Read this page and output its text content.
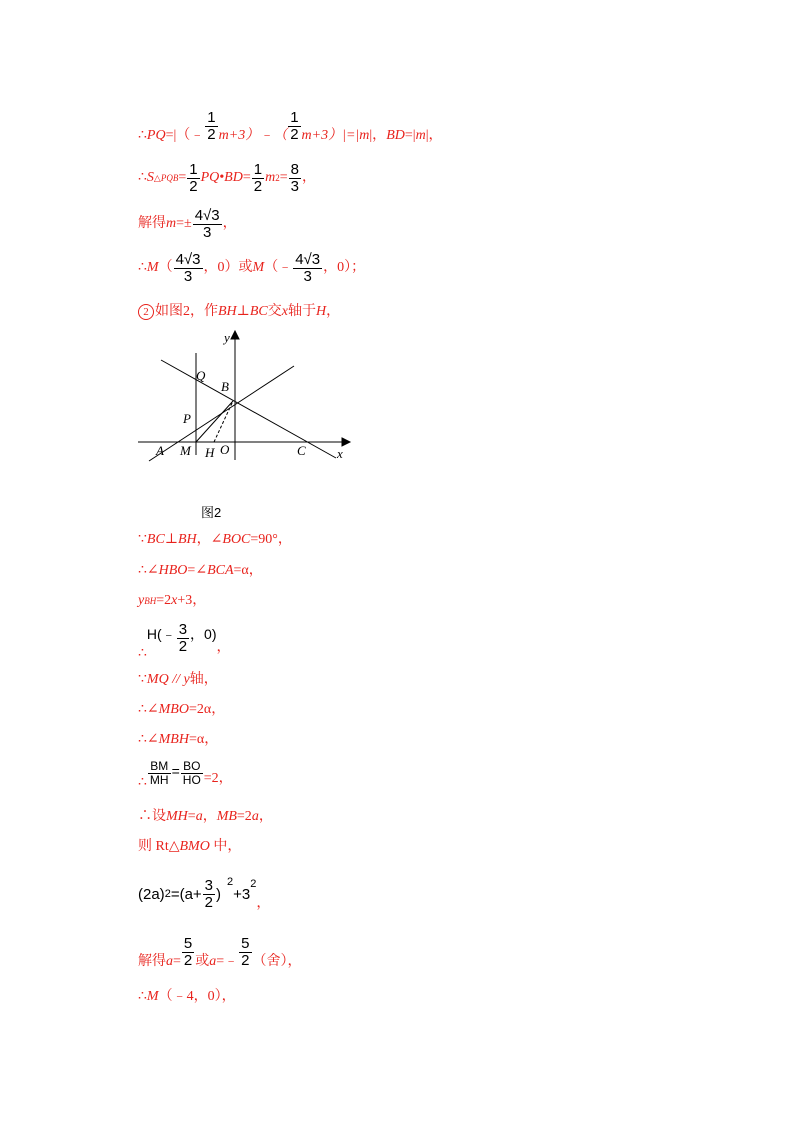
∴ PQ =|（﹣ $\frac{1}{2}$ m+3）﹣（ $\frac{1}{2} m+3)|=|$ m |， BD =| m |，
∴ S △PQB = $\frac{1}{2}$ PQ•BD = $\frac{1}{2}$ m $2 = \frac{8}{3}$ ，
解得 $m =\pm \frac{4√3}{3}$ ，
∴ M （ $\frac{4√3}{3}$ ，0）或 M （﹣ $\frac{4√3}{3}$ ，0）；
2 如图2，作 BH ⊥ BC 交 x 轴于 H ，
y
x
Q
B
P
A M H O	C
图2
∵ BC ⊥ BH ，∠ BOC =90°，
∴∠ HBO =∠ BCA =α，
y BH =2 x +3，
∴
H(﹣ $\frac{3}{2}$ ，0)
，
∵ MQ // y 轴，
∴∠ MBO =2α，
∴∠ MBH =α，
∴ $\frac{BM}{MH} = \frac{BO}{HO} =2$，
∴设 MH = a ， MB =2 a ，
则 Rt△ BMO 中，
(2a) $2 =(a+ \frac{3}{2}$ )
2
+3
2
，
解得 $a = \frac{5}{2}$ 或 a =﹣ $\frac{5}{2}$ （舍），
∴ M （﹣4，0），
